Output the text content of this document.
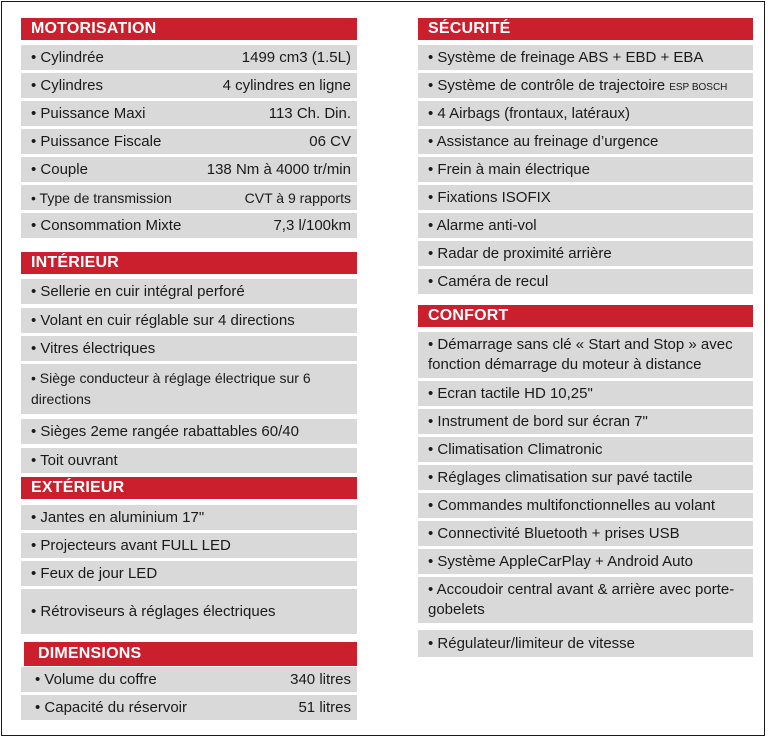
MOTORISATION
• Cylindrée	1499 cm3 (1.5L)
• Cylindres	4 cylindres en ligne
• Puissance Maxi	113 Ch. Din.
• Puissance Fiscale	06 CV
• Couple	138 Nm à 4000 tr/min
• Type de transmission	CVT à 9 rapports
• Consommation Mixte	7,3 l/100km
INTÉRIEUR
• Sellerie en cuir intégral perforé
• Volant en cuir réglable sur 4 directions
• Vitres électriques
• Siège conducteur à réglage électrique sur 6 directions
• Sièges 2eme rangée rabattables 60/40
• Toit ouvrant
EXTÉRIEUR
• Jantes en aluminium 17"
• Projecteurs avant FULL LED
• Feux de jour LED
• Rétroviseurs à réglages électriques
DIMENSIONS
• Volume du coffre	340 litres
• Capacité du réservoir	51 litres
SÉCURITÉ
• Système de freinage ABS + EBD + EBA
• Système de contrôle de trajectoire ESP BOSCH
• 4 Airbags (frontaux, latéraux)
• Assistance au freinage d’urgence
• Frein à main électrique
• Fixations ISOFIX
• Alarme anti-vol
• Radar de proximité arrière
• Caméra de recul
CONFORT
• Démarrage sans clé « Start and Stop » avec fonction démarrage du moteur à distance
• Ecran tactile HD 10,25"
• Instrument de bord sur écran 7"
• Climatisation Climatronic
• Réglages climatisation sur pavé tactile
• Commandes multifonctionnelles au volant
• Connectivité Bluetooth + prises USB
• Système AppleCarPlay + Android Auto
• Accoudoir central avant & arrière avec porte-gobelets
• Régulateur/limiteur de vitesse
